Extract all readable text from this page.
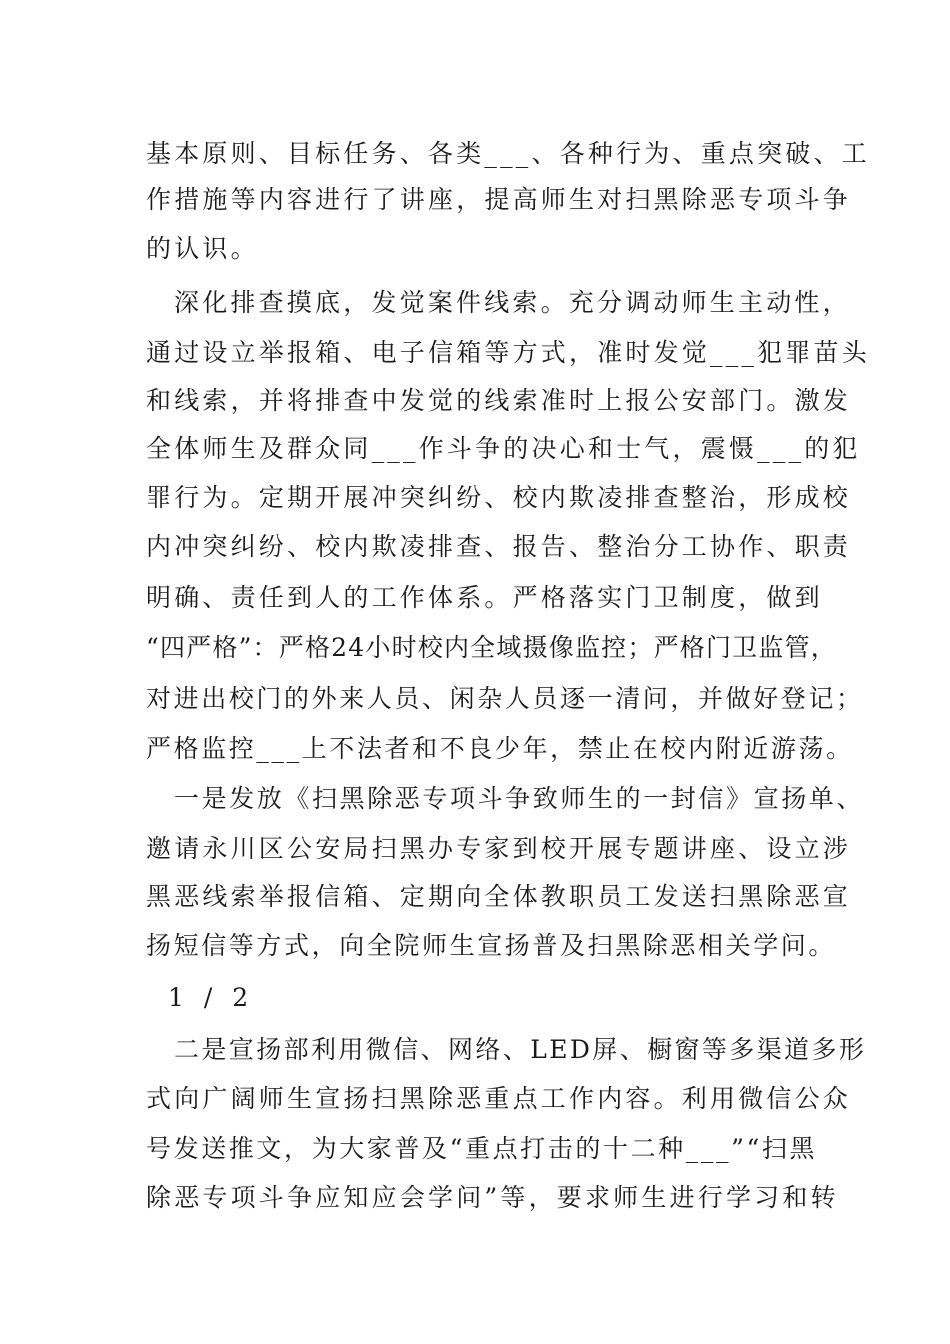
基本原则、目标任务、各类___、各种行为、重点突破、工
作措施等内容进行了讲座，提高师生对扫黑除恶专项斗争
的认识。
深化排查摸底，发觉案件线索。充分调动师生主动性，
通过设立举报箱、电子信箱等方式，准时发觉___犯罪苗头
和线索，并将排查中发觉的线索准时上报公安部门。激发
全体师生及群众同___作斗争的决心和士气，震慑___的犯
罪行为。定期开展冲突纠纷、校内欺凌排查整治，形成校
内冲突纠纷、校内欺凌排查、报告、整治分工协作、职责
明确、责任到人的工作体系。严格落实门卫制度，做到
“四严格”：严格24小时校内全域摄像监控；严格门卫监管，
对进出校门的外来人员、闲杂人员逐一清问，并做好登记；
严格监控___上不法者和不良少年，禁止在校内附近游荡。
一是发放《扫黑除恶专项斗争致师生的一封信》宣扬单、
邀请永川区公安局扫黑办专家到校开展专题讲座、设立涉
黑恶线索举报信箱、定期向全体教职员工发送扫黑除恶宣
扬短信等方式，向全院师生宣扬普及扫黑除恶相关学问。
1 / 2
二是宣扬部利用微信、网络、LED屏、橱窗等多渠道多形
式向广阔师生宣扬扫黑除恶重点工作内容。利用微信公众
号发送推文，为大家普及“重点打击的十二种___”“扫黑
除恶专项斗争应知应会学问”等，要求师生进行学习和转
